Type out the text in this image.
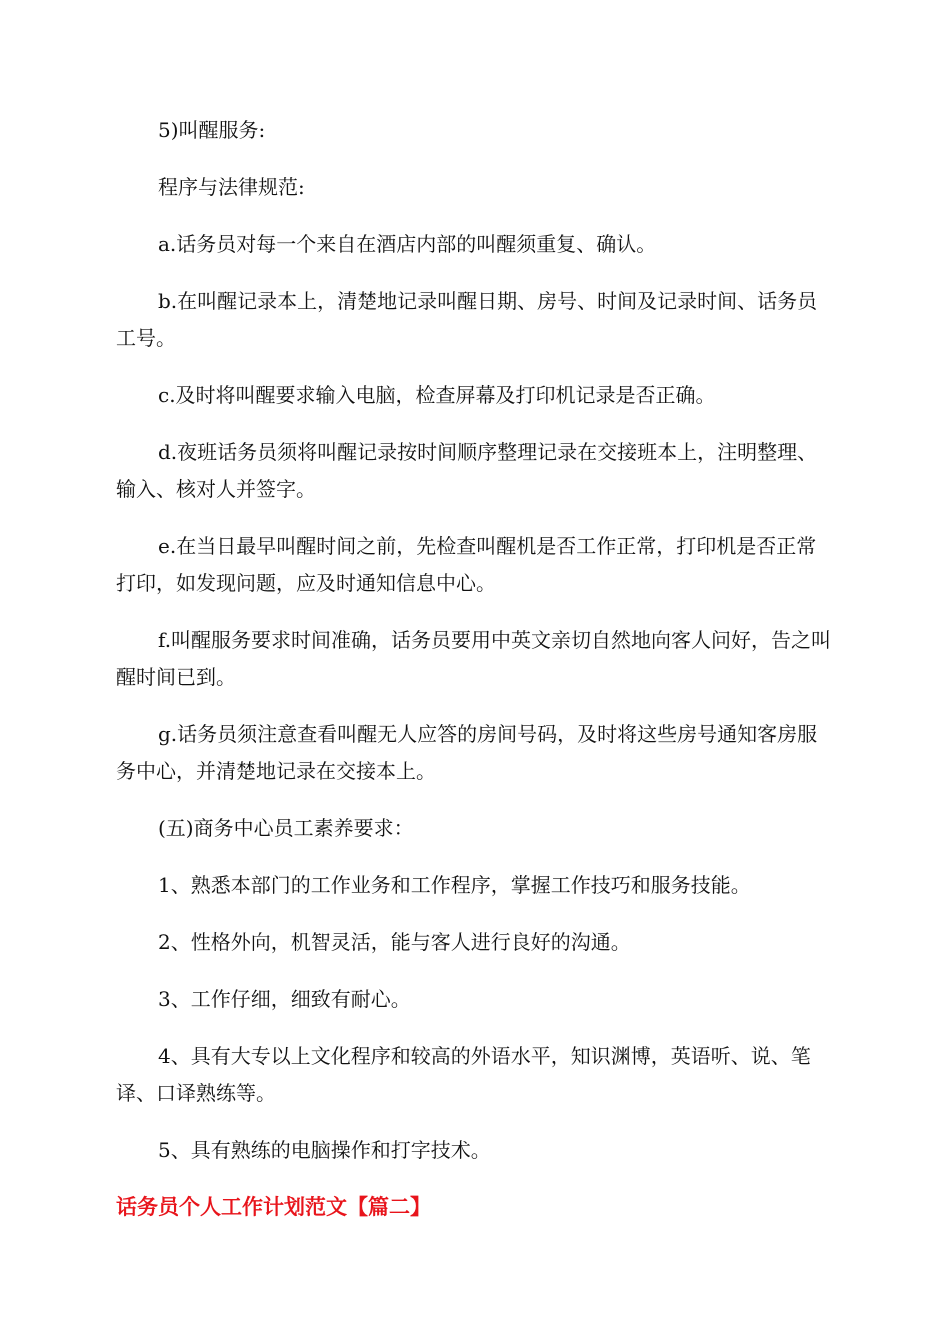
5)叫醒服务:

程序与法律规范:

a.话务员对每一个来自在酒店内部的叫醒须重复、确认。

b.在叫醒记录本上，清楚地记录叫醒日期、房号、时间及记录时间、话务员工号。

c.及时将叫醒要求输入电脑，检查屏幕及打印机记录是否正确。

d.夜班话务员须将叫醒记录按时间顺序整理记录在交接班本上，注明整理、输入、核对人并签字。

e.在当日最早叫醒时间之前，先检查叫醒机是否工作正常，打印机是否正常打印，如发现问题，应及时通知信息中心。

f.叫醒服务要求时间准确，话务员要用中英文亲切自然地向客人问好，告之叫醒时间已到。

g.话务员须注意查看叫醒无人应答的房间号码，及时将这些房号通知客房服务中心，并清楚地记录在交接本上。

(五)商务中心员工素养要求：

1、熟悉本部门的工作业务和工作程序，掌握工作技巧和服务技能。

2、性格外向，机智灵活，能与客人进行良好的沟通。

3、工作仔细，细致有耐心。

4、具有大专以上文化程序和较高的外语水平，知识渊博，英语听、说、笔译、口译熟练等。

5、具有熟练的电脑操作和打字技术。

话务员个人工作计划范文【篇二】
